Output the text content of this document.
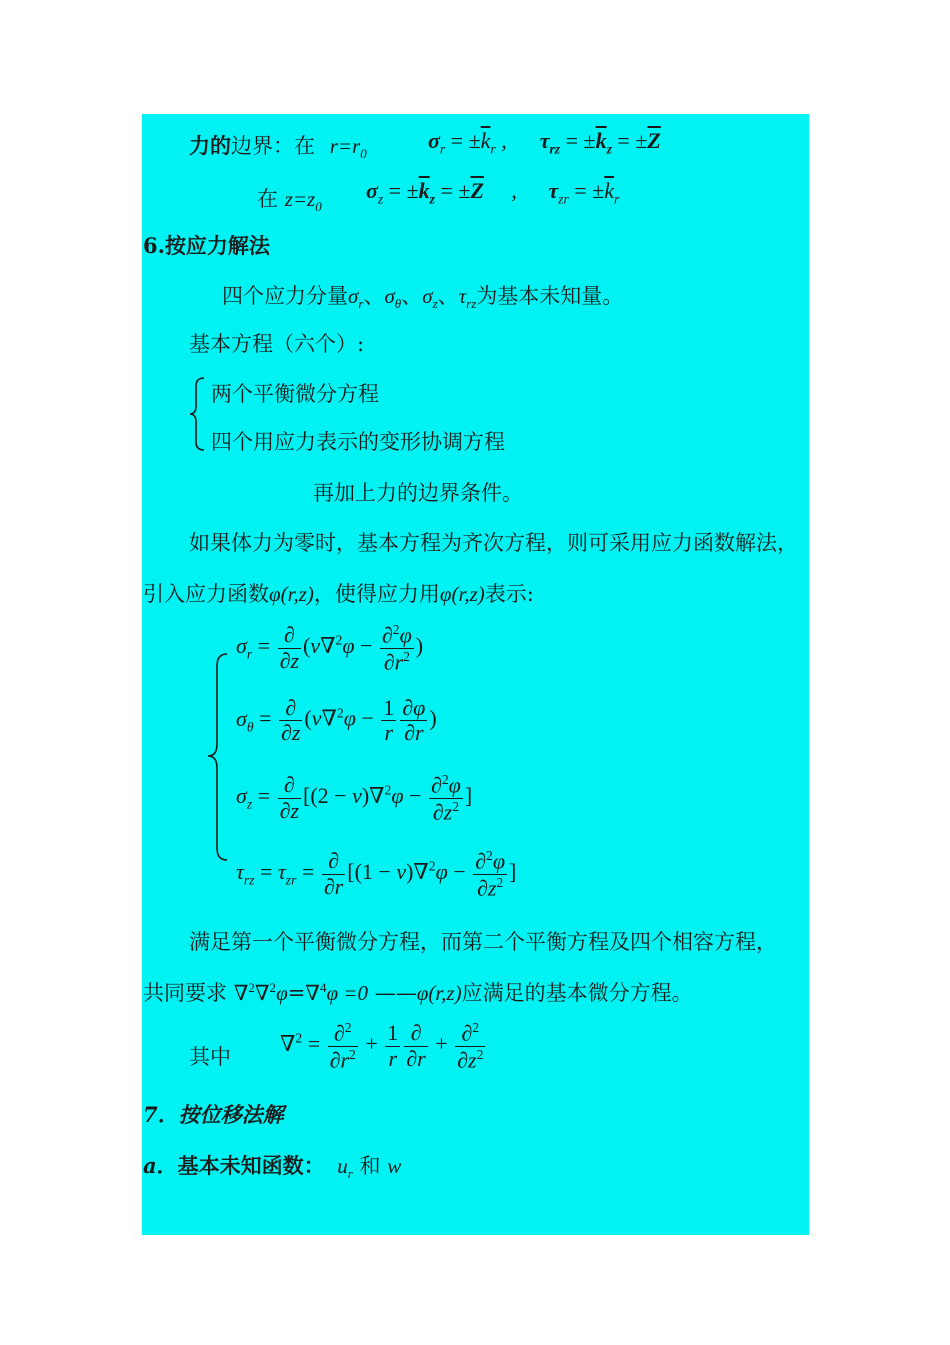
力的边界：在 $r=r_0$
$\sigma_r = \pm\overline{k}_r$ ,  $\tau_{rz} = \pm\overline{k}_z = \pm\overline{Z}$
在 $z=z_0$
$\sigma_z = \pm\overline{k}_z = \pm\overline{Z}$ , $\tau_{zr} = \pm\overline{k}_r$
6.按应力解法
四个应力分量$\sigma_r$、$\sigma_\theta$、$\sigma_z$、$\tau_{rz}$为基本未知量。
基本方程（六个）:
两个平衡微分方程
四个用应力表示的变形协调方程
再加上力的边界条件。
如果体力为零时，基本方程为齐次方程，则可采用应力函数解法，
引入应力函数φ(r,z)，使得应力用φ(r,z)表示:
$\sigma_r = \frac{\partial}{\partial z} (\nu\nabla^2\varphi - \frac{\partial^2\varphi}{\partial r^2}$ )
$\sigma_\theta = \frac{\partial}{\partial z} (\nu\nabla^2\varphi - \frac{1}{r} \frac{\partial\varphi}{\partial r}$ )
$\sigma_z = \frac{\partial}{\partial z} [(2 - \nu)\nabla^2\varphi - \frac{\partial^2\varphi}{\partial z^2}$ ]
$\tau_{rz} = \tau_{zr} = \frac{\partial}{\partial r} [(1 - \nu)\nabla^2\varphi - \frac{\partial^2\varphi}{\partial z^2}$ ]
满足第一个平衡微分方程，而第二个平衡方程及四个相容方程，
共同要求 ∇$^2$∇$^2$φ=∇$^4$φ =0 ——φ(r,z)应满足的基本微分方程。
其中
$\nabla^2 = \frac{\partial^2}{\partial r^2} + \frac{1}{r} \frac{\partial}{\partial r} + \frac{\partial^2}{\partial z^2}$
7．按位移法解
a．基本未知函数： $u_r$ 和 w
